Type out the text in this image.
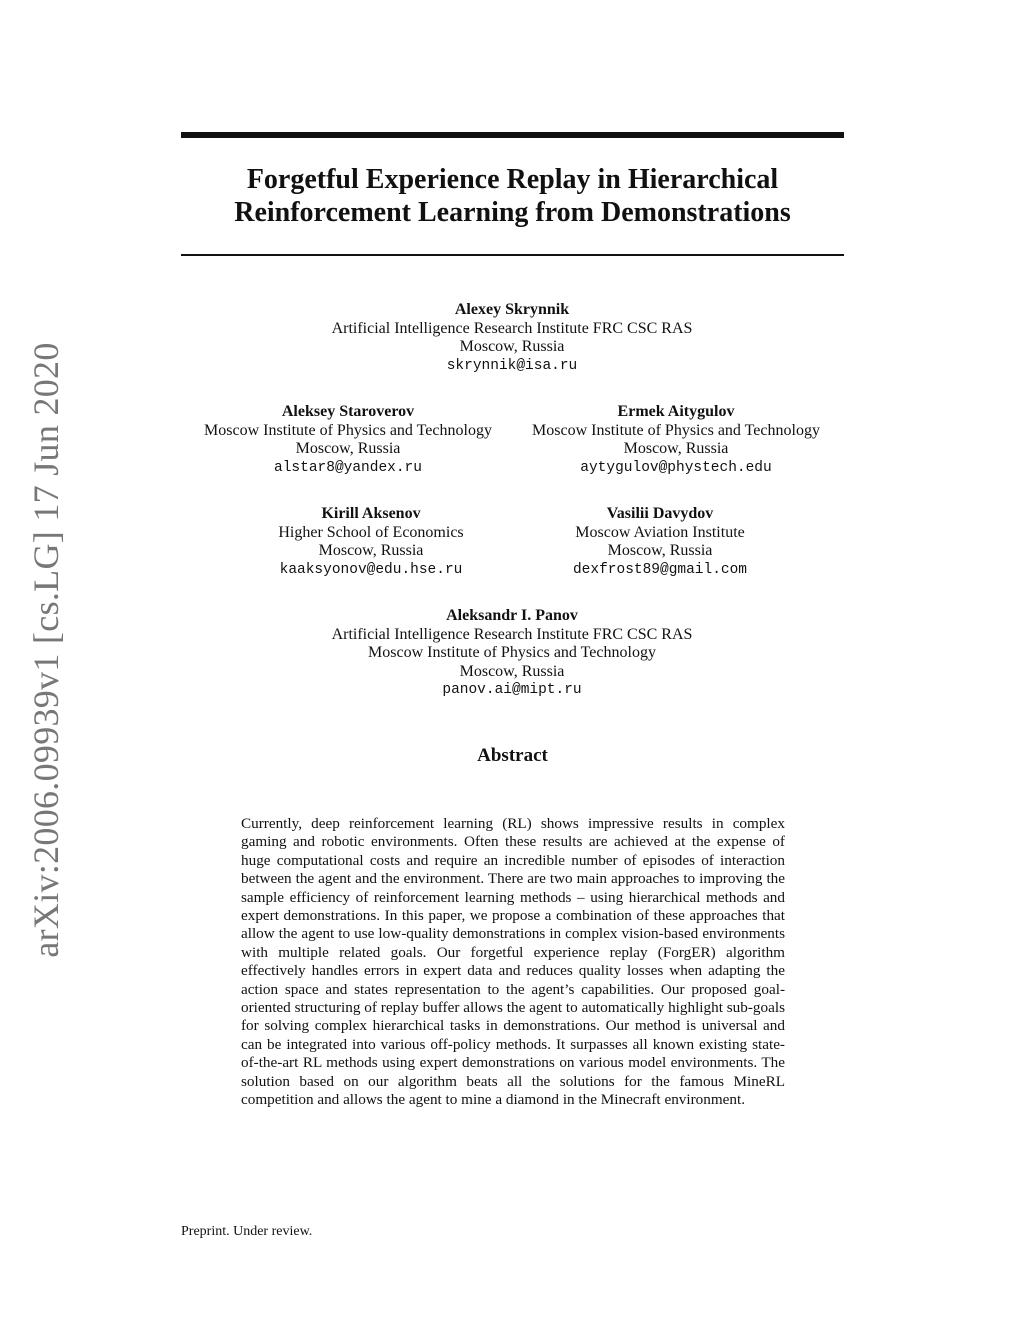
arXiv:2006.09939v1 [cs.LG] 17 Jun 2020
Forgetful Experience Replay in Hierarchical
Reinforcement Learning from Demonstrations
Alexey Skrynnik
Artificial Intelligence Research Institute FRC CSC RAS
Moscow, Russia
skrynnik@isa.ru
Aleksey Staroverov
Moscow Institute of Physics and Technology
Moscow, Russia
alstar8@yandex.ru
Ermek Aitygulov
Moscow Institute of Physics and Technology
Moscow, Russia
aytygulov@phystech.edu
Kirill Aksenov
Higher School of Economics
Moscow, Russia
kaaksyonov@edu.hse.ru
Vasilii Davydov
Moscow Aviation Institute
Moscow, Russia
dexfrost89@gmail.com
Aleksandr I. Panov
Artificial Intelligence Research Institute FRC CSC RAS
Moscow Institute of Physics and Technology
Moscow, Russia
panov.ai@mipt.ru
Abstract
Currently, deep reinforcement learning (RL) shows impressive results in complex gaming and robotic environments. Often these results are achieved at the expense of huge computational costs and require an incredible number of episodes of interaction between the agent and the environment. There are two main approaches to improving the sample efficiency of reinforcement learning methods – using hierarchical methods and expert demonstrations. In this paper, we propose a combination of these approaches that allow the agent to use low-quality demonstrations in complex vision-based environments with multiple related goals. Our forgetful experience replay (ForgER) algorithm effectively handles errors in expert data and reduces quality losses when adapting the action space and states representation to the agent’s capabilities. Our proposed goal-oriented structuring of replay buffer allows the agent to automatically highlight sub-goals for solving complex hierarchical tasks in demonstrations. Our method is universal and can be integrated into various off-policy methods. It surpasses all known existing state-of-the-art RL methods using expert demonstrations on various model environments. The solution based on our algorithm beats all the solutions for the famous MineRL competition and allows the agent to mine a diamond in the Minecraft environment.
Preprint. Under review.
